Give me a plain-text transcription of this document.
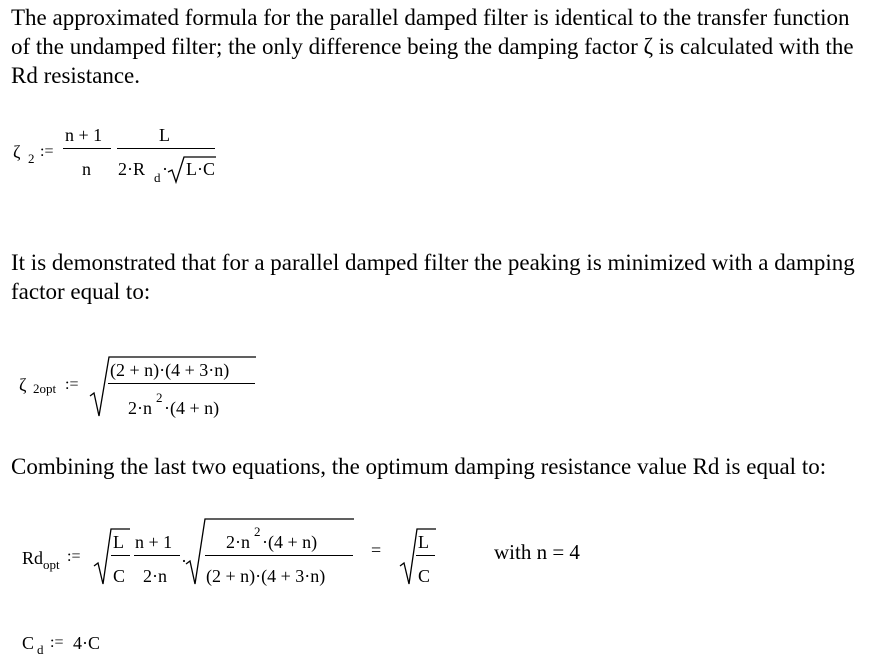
The approximated formula for the parallel damped filter is identical to the transfer function of the undamped filter; the only difference being the damping factor ζ is calculated with the Rd resistance.

ζ 2 :=
n + 1
n
L
2·R d · L·C

It is demonstrated that for a parallel damped filter the peaking is minimized with a damping factor equal to:

ζ 2opt :=
(2 + n)·(4 + 3·n)
2·n
2
·(4 + n)

Combining the last two equations, the optimum damping resistance value Rd is equal to:

Rd opt :=
L
C
n + 1
2·n
·
2·n
2
·(4 + n)
(2 + n)·(4 + 3·n)
= L
C
with n = 4
C d := 4·C
